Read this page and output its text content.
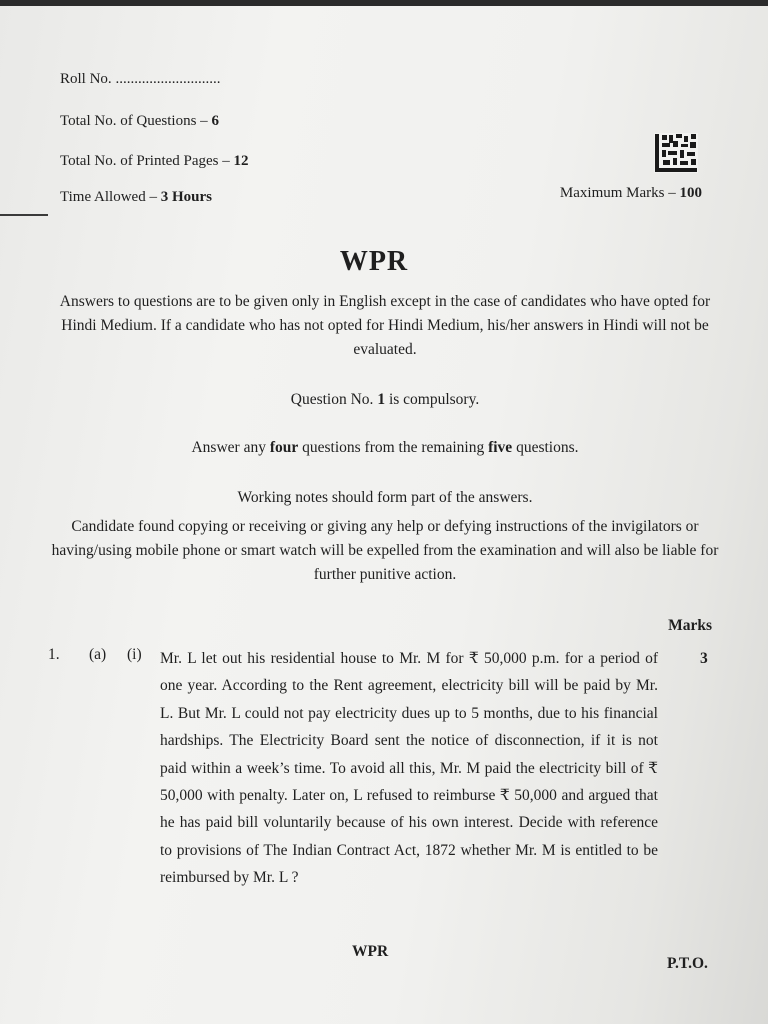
Roll No. ............................
Total No. of Questions – 6
Total No. of Printed Pages – 12
Time Allowed – 3 Hours	Maximum Marks – 100
WPR
Answers to questions are to be given only in English except in the case of candidates who have opted for Hindi Medium. If a candidate who has not opted for Hindi Medium, his/her answers in Hindi will not be evaluated.
Question No. 1 is compulsory.
Answer any four questions from the remaining five questions.
Working notes should form part of the answers.
Candidate found copying or receiving or giving any help or defying instructions of the invigilators or having/using mobile phone or smart watch will be expelled from the examination and will also be liable for further punitive action.
Marks
1. (a) (i) Mr. L let out his residential house to Mr. M for ₹ 50,000 p.m. for a period of one year. According to the Rent agreement, electricity bill will be paid by Mr. L. But Mr. L could not pay electricity dues up to 5 months, due to his financial hardships. The Electricity Board sent the notice of disconnection, if it is not paid within a week’s time. To avoid all this, Mr. M paid the electricity bill of ₹ 50,000 with penalty. Later on, L refused to reimburse ₹ 50,000 and argued that he has paid bill voluntarily because of his own interest. Decide with reference to provisions of The Indian Contract Act, 1872 whether Mr. M is entitled to be reimbursed by Mr. L ?
3
WPR
P.T.O.
